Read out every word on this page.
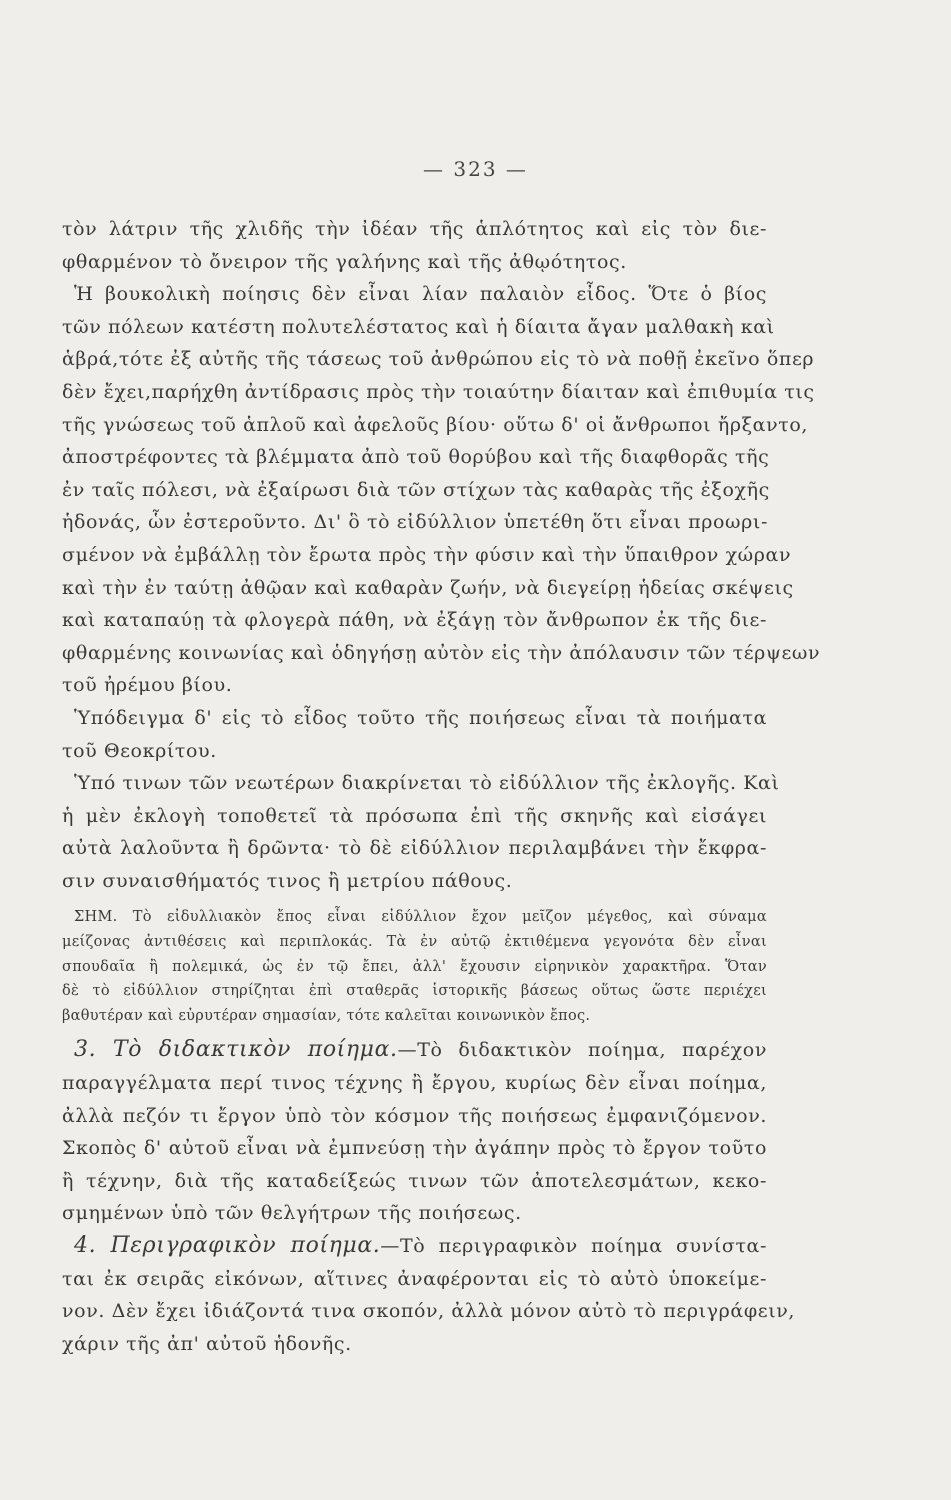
— 323 —
τὸν λάτριν τῆς χλιδῆς τὴν ἰδέαν τῆς ἁπλότητος καὶ εἰς τὸν διε-
φθαρμένον τὸ ὄνειρον τῆς γαλήνης καὶ τῆς ἀθῳότητος.
Ἡ βουκολικὴ ποίησις δὲν εἶναι λίαν παλαιὸν εἶδος. Ὅτε ὁ βίος
τῶν πόλεων κατέστη πολυτελέστατος καὶ ἡ δίαιτα ἄγαν μαλθακὴ καὶ
ἁβρά,τότε ἐξ αὐτῆς τῆς τάσεως τοῦ ἀνθρώπου εἰς τὸ νὰ ποθῇ ἐκεῖνο ὅπερ
δὲν ἔχει,παρήχθη ἀντίδρασις πρὸς τὴν τοιαύτην δίαιταν καὶ ἐπιθυμία τις
τῆς γνώσεως τοῦ ἁπλοῦ καὶ ἀφελοῦς βίου· οὕτω δ' οἱ ἄνθρωποι ἤρξαντο,
ἀποστρέφοντες τὰ βλέμματα ἀπὸ τοῦ θορύβου καὶ τῆς διαφθορᾶς τῆς
ἐν ταῖς πόλεσι, νὰ ἐξαίρωσι διὰ τῶν στίχων τὰς καθαρὰς τῆς ἐξοχῆς
ἡδονάς, ὧν ἐστεροῦντο. Δι' ὃ τὸ εἰδύλλιον ὑπετέθη ὅτι εἶναι προωρι-
σμένον νὰ ἐμβάλλῃ τὸν ἔρωτα πρὸς τὴν φύσιν καὶ τὴν ὕπαιθρον χώραν
καὶ τὴν ἐν ταύτῃ ἀθῷαν καὶ καθαρὰν ζωήν, νὰ διεγείρῃ ἡδείας σκέψεις
καὶ καταπαύῃ τὰ φλογερὰ πάθη, νὰ ἐξάγῃ τὸν ἄνθρωπον ἐκ τῆς διε-
φθαρμένης κοινωνίας καὶ ὁδηγήσῃ αὐτὸν εἰς τὴν ἀπόλαυσιν τῶν τέρψεων
τοῦ ἠρέμου βίου.
Ὑπόδειγμα δ' εἰς τὸ εἶδος τοῦτο τῆς ποιήσεως εἶναι τὰ ποιήματα
τοῦ Θεοκρίτου.
Ὑπό τινων τῶν νεωτέρων διακρίνεται τὸ εἰδύλλιον τῆς ἐκλογῆς. Καὶ
ἡ μὲν ἐκλογὴ τοποθετεῖ τὰ πρόσωπα ἐπὶ τῆς σκηνῆς καὶ εἰσάγει
αὐτὰ λαλοῦντα ἢ δρῶντα· τὸ δὲ εἰδύλλιον περιλαμβάνει τὴν ἔκφρα-
σιν συναισθήματός τινος ἢ μετρίου πάθους.
ΣΗΜ. Τὸ εἰδυλλιακὸν ἔπος εἶναι εἰδύλλιον ἔχον μεῖζον μέγεθος, καὶ σύναμα
μείζονας ἀντιθέσεις καὶ περιπλοκάς. Τὰ ἐν αὐτῷ ἐκτιθέμενα γεγονότα δὲν εἶναι
σπουδαῖα ἢ πολεμικά, ὡς ἐν τῷ ἔπει, ἀλλ' ἔχουσιν εἰρηνικὸν χαρακτῆρα. Ὅταν
δὲ τὸ εἰδύλλιον στηρίζηται ἐπὶ σταθερᾶς ἱστορικῆς βάσεως οὕτως ὥστε περιέχει
βαθυτέραν καὶ εὐρυτέραν σημασίαν, τότε καλεῖται κοινωνικὸν ἔπος.
3. Τὸ διδακτικὸν ποίημα.—Τὸ διδακτικὸν ποίημα, παρέχον
παραγγέλματα περί τινος τέχνης ἢ ἔργου, κυρίως δὲν εἶναι ποίημα,
ἀλλὰ πεζόν τι ἔργον ὑπὸ τὸν κόσμον τῆς ποιήσεως ἐμφανιζόμενον.
Σκοπὸς δ' αὐτοῦ εἶναι νὰ ἐμπνεύσῃ τὴν ἀγάπην πρὸς τὸ ἔργον τοῦτο
ἢ τέχνην, διὰ τῆς καταδείξεώς τινων τῶν ἀποτελεσμάτων, κεκο-
σμημένων ὑπὸ τῶν θελγήτρων τῆς ποιήσεως.
4. Περιγραφικὸν ποίημα.—Τὸ περιγραφικὸν ποίημα συνίστα-
ται ἐκ σειρᾶς εἰκόνων, αἵτινες ἀναφέρονται εἰς τὸ αὐτὸ ὑποκείμε-
νον. Δὲν ἔχει ἰδιάζοντά τινα σκοπόν, ἀλλὰ μόνον αὐτὸ τὸ περιγράφειν,
χάριν τῆς ἀπ' αὐτοῦ ἡδονῆς.
